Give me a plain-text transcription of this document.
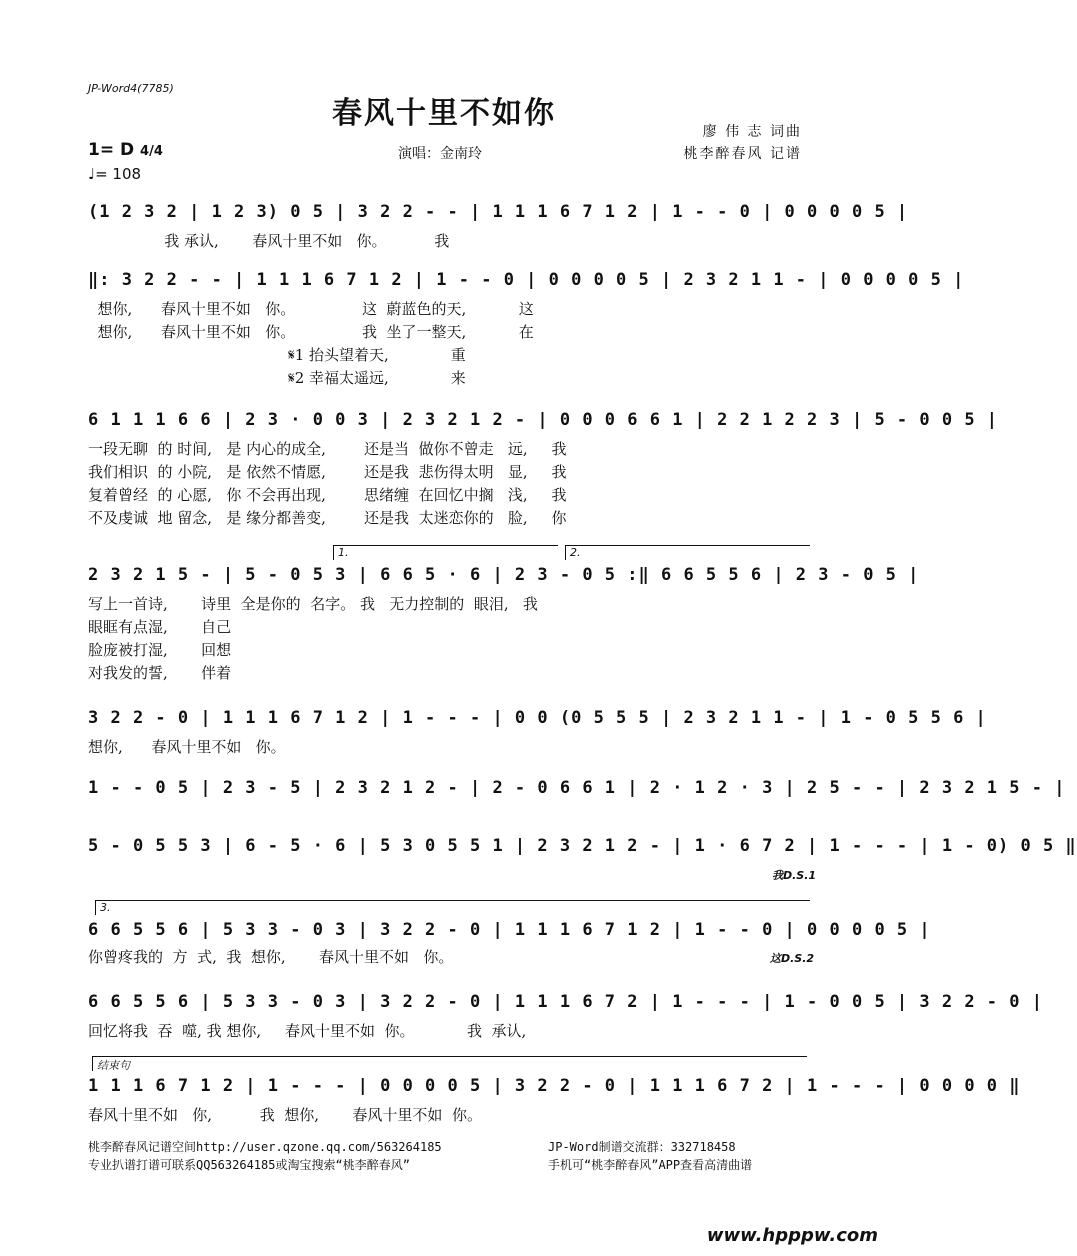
JP-Word4(7785)
春风十里不如你
廖 伟 志 词曲
桃李醉春风 记谱
1= D 4/4
♩= 108
演唱：金南玲
(1 2 3 2 | 1 2 3) 0 5 | 3 2 2 - - | 1 1 1 6 7 1 2 | 1 - - 0 | 0 0 0 0 5 |
我 承认,       春风十里不如   你。          我
‖: 3 2 2 - - | 1 1 1 6 7 1 2 | 1 - - 0 | 0 0 0 0 5 | 2 3 2 1 1 - | 0 0 0 0 5 |
想你,      春风十里不如   你。              这  蔚蓝色的天,           这
想你,      春风十里不如   你。              我  坐了一整天,           在
𝄋1 抬头望着天,             重
𝄋2 幸福太遥远,             来
6 1 1 1 6 6 | 2 3 · 0 0 3 | 2 3 2 1 2 - | 0 0 0 6 6 1 | 2 2 1 2 2 3 | 5 - 0 0 5 |
一段无聊  的 时间,   是 内心的成全,        还是当  做你不曾走   远,     我
我们相识  的 小院,   是 依然不情愿,        还是我  悲伤得太明   显,     我
复着曾经  的 心愿,   你 不会再出现,        思绪缠  在回忆中搁   浅,     我
不及虔诚  地 留念,   是 缘分都善变,        还是我  太迷恋你的   脸,     你
1.	2.
2 3 2 1 5 - | 5 - 0 5 3 | 6 6 5 · 6 | 2 3 - 0 5 :‖ 6 6 5 5 6 | 2 3 - 0 5 |
写上一首诗,       诗里  全是你的  名字。 我   无力控制的  眼泪,   我
眼眶有点湿,       自己
脸庞被打湿,       回想
对我发的誓,       伴着
3 2 2 - 0 | 1 1 1 6 7 1 2 | 1 - - - | 0 0 (0 5 5 5 | 2 3 2 1 1 - | 1 - 0 5 5 6 |
想你,      春风十里不如   你。
1 - - 0 5 | 2 3 - 5 | 2 3 2 1 2 - | 2 - 0 6 6 1 | 2 · 1 2 · 3 | 2 5 - - | 2 3 2 1 5 - |
5 - 0 5 5 3 | 6 - 5 · 6 | 5 3 0 5 5 1 | 2 3 2 1 2 - | 1 · 6 7 2 | 1 - - - | 1 - 0) 0 5 ‖
我D.S.1
3.
6 6 5 5 6 | 5 3 3 - 0 3 | 3 2 2 - 0 | 1 1 1 6 7 1 2 | 1 - - 0 | 0 0 0 0 5 |
你曾疼我的  方  式,  我  想你,       春风十里不如   你。	这D.S.2
6 6 5 5 6 | 5 3 3 - 0 3 | 3 2 2 - 0 | 1 1 1 6 7 2 | 1 - - - | 1 - 0 0 5 | 3 2 2 - 0 |
回忆将我  吞  噬, 我 想你,     春风十里不如  你。           我  承认,
结束句
1 1 1 6 7 1 2 | 1 - - - | 0 0 0 0 5 | 3 2 2 - 0 | 1 1 1 6 7 2 | 1 - - - | 0 0 0 0 ‖
春风十里不如   你,          我  想你,       春风十里不如  你。
桃李醉春风记谱空间http://user.qzone.qq.com/563264185
专业扒谱打谱可联系QQ563264185或淘宝搜索“桃李醉春风”
JP-Word制谱交流群：332718458
手机可“桃李醉春风”APP查看高清曲谱
www.hpppw.com
